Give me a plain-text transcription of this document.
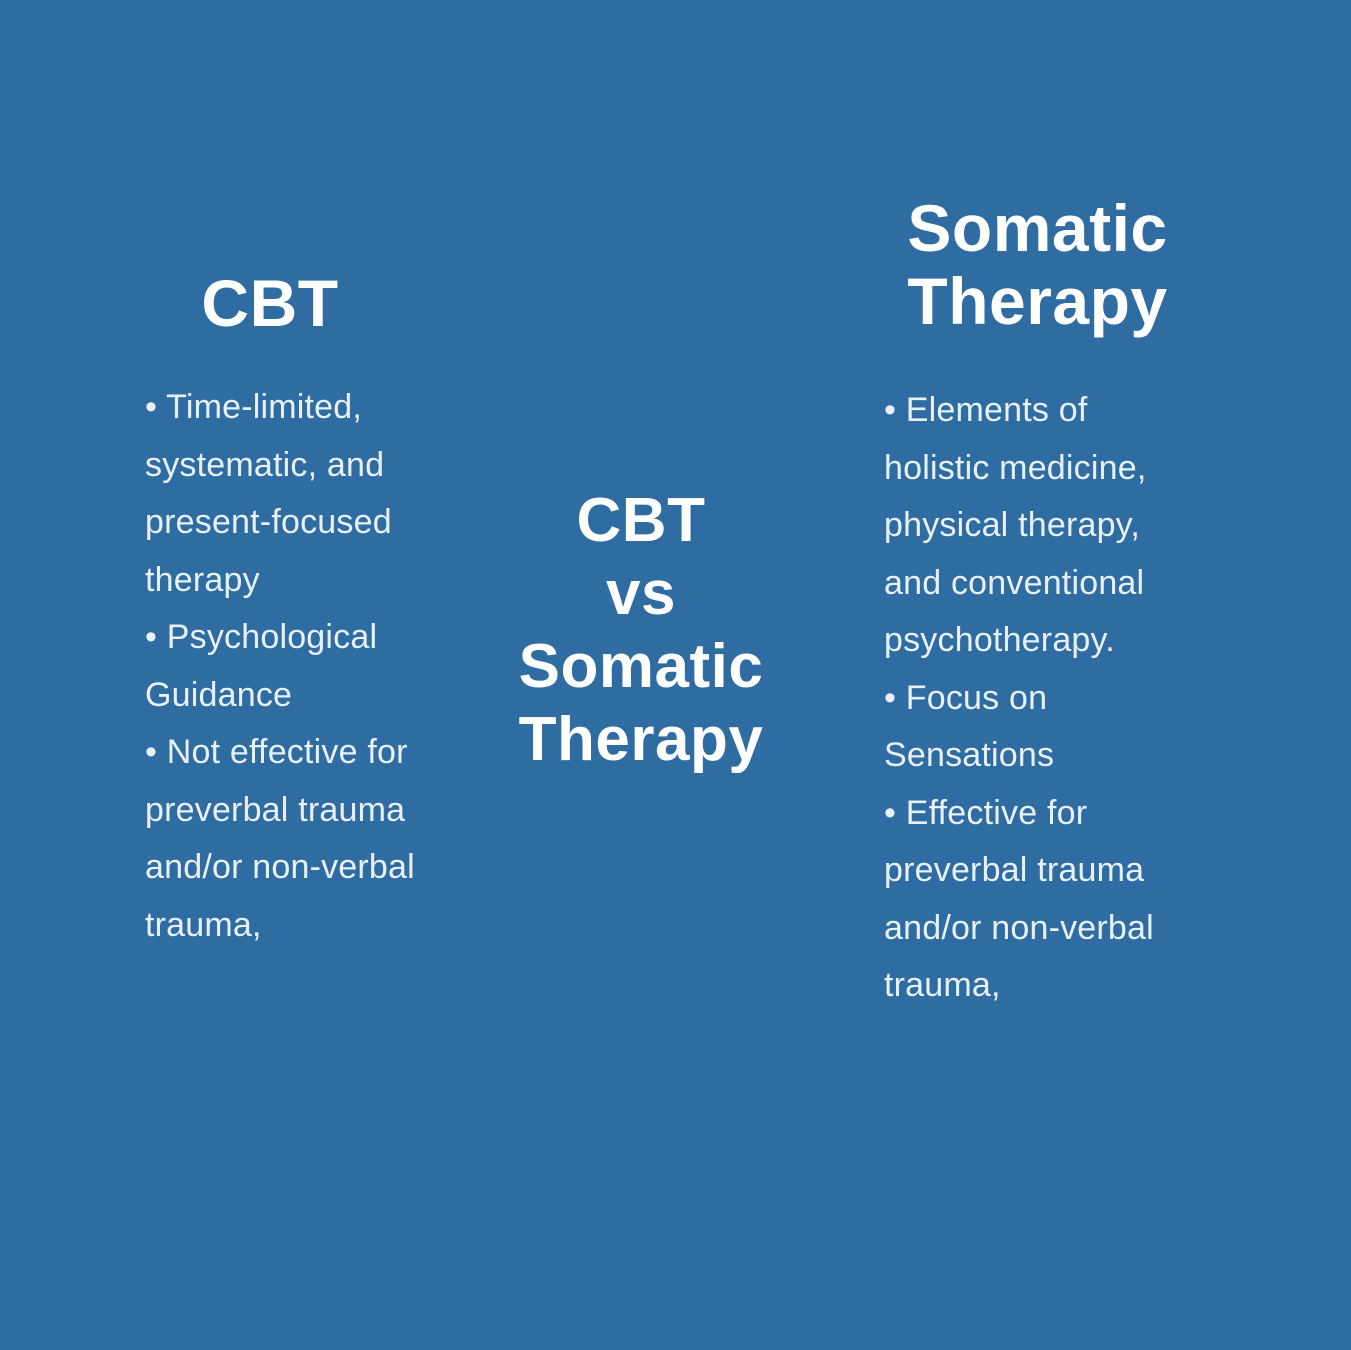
CBT
• Time-limited,
systematic, and
present-focused
therapy
• Psychological
Guidance
• Not effective for
preverbal trauma
and/or non-verbal
trauma,
CBT
vs
Somatic
Therapy
Somatic
Therapy
• Elements of
holistic medicine,
physical therapy,
and conventional
psychotherapy.
• Focus on
Sensations
• Effective for
preverbal trauma
and/or non-verbal
trauma,
